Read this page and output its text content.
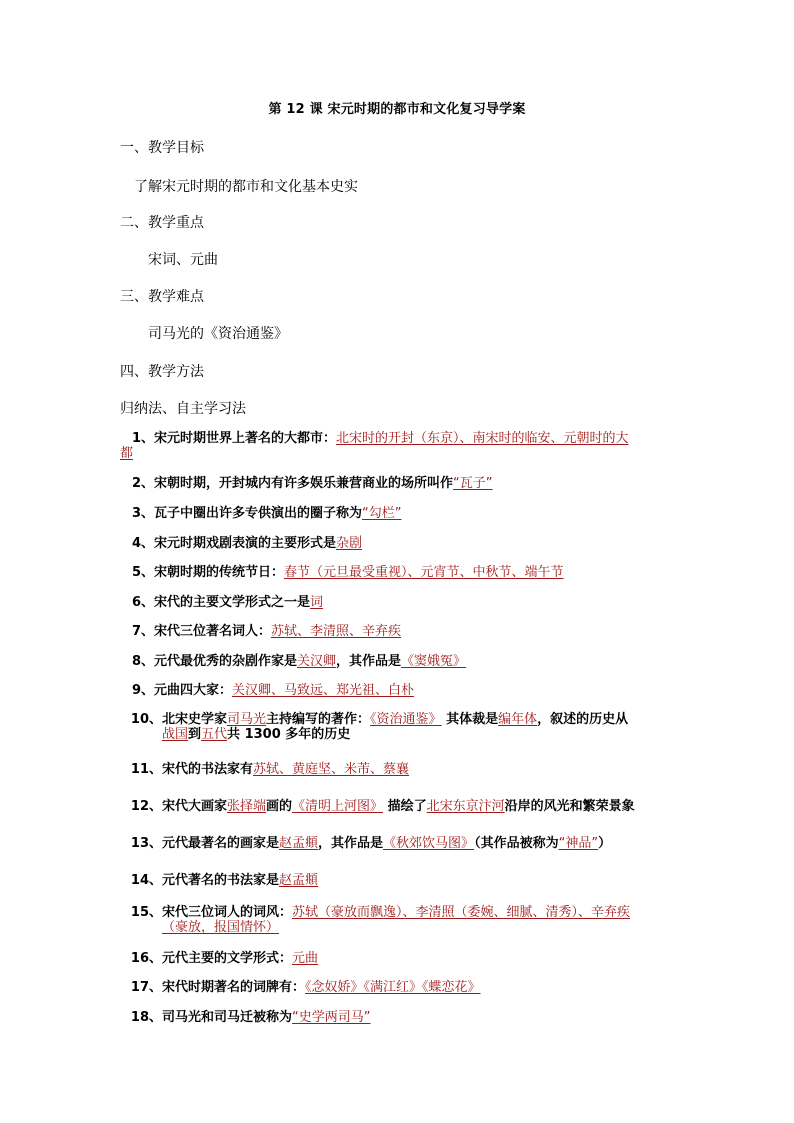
第 12 课 宋元时期的都市和文化复习导学案
一、教学目标
了解宋元时期的都市和文化基本史实
二、教学重点
宋词、元曲
三、教学难点
司马光的《资治通鉴》
四、教学方法
归纳法、自主学习法
1、宋元时期世界上著名的大都市：北宋时的开封（东京）、南宋时的临安、元朝时的大
都
2、宋朝时期，开封城内有许多娱乐兼营商业的场所叫作“瓦子”
3、瓦子中圈出许多专供演出的圈子称为“勾栏”
4、宋元时期戏剧表演的主要形式是杂剧
5、宋朝时期的传统节日：春节（元旦最受重视）、元宵节、中秋节、端午节
6、宋代的主要文学形式之一是词
7、宋代三位著名词人：苏轼、李清照、辛弃疾
8、元代最优秀的杂剧作家是关汉卿，其作品是《窦娥冤》
9、元曲四大家：关汉卿、马致远、郑光祖、白朴
10、北宋史学家司马光主持编写的著作：《资治通鉴》 其体裁是编年体，叙述的历史从
战国到五代共 1300 多年的历史
11、宋代的书法家有苏轼、黄庭坚、米芾、蔡襄
12、宋代大画家张择端画的《清明上河图》 描绘了北宋东京汴河沿岸的风光和繁荣景象
13、元代最著名的画家是赵孟頫，其作品是《秋郊饮马图》（其作品被称为“神品”）
14、元代著名的书法家是赵孟頫
15、宋代三位词人的词风：苏轼（豪放而飘逸）、李清照（委婉、细腻、清秀）、辛弃疾
（豪放，报国情怀）
16、元代主要的文学形式：元曲
17、宋代时期著名的词牌有：《念奴娇》《满江红》《蝶恋花》
18、司马光和司马迁被称为“史学两司马”
